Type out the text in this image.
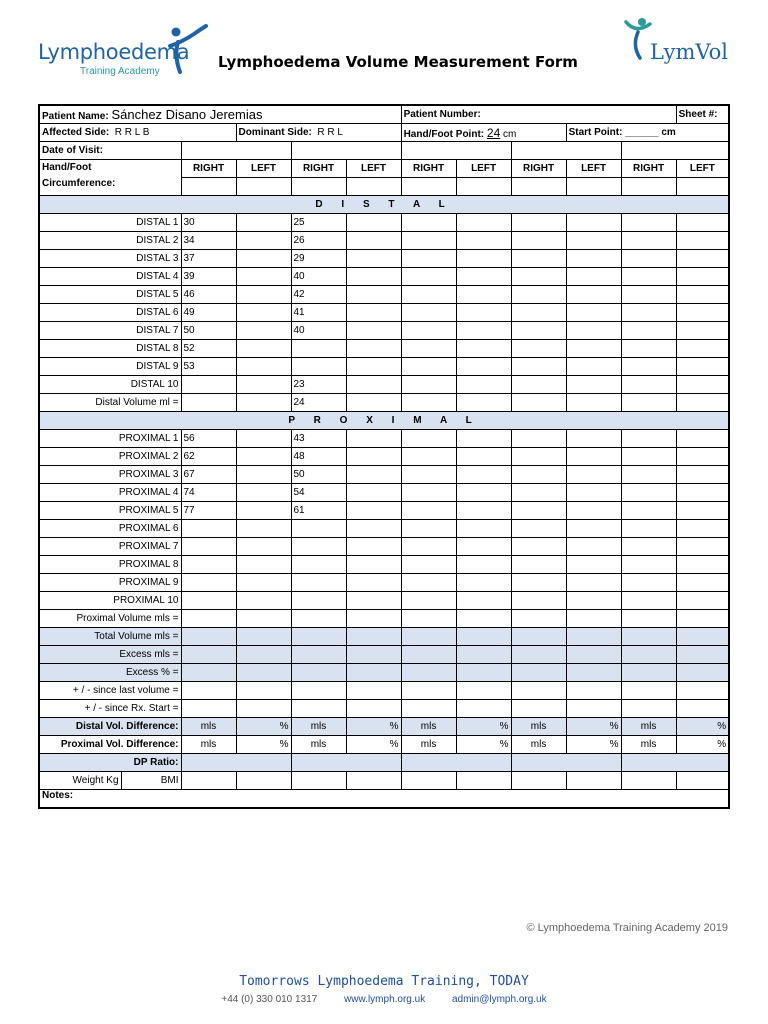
Lymphoedema
Training Academy
Lymphoedema Volume Measurement Form	LymVol
Patient Name: Sánchez Disano Jeremias						Patient Number:					Sheet #:
Affected Side: R R L B			Dominant Side: R R L			Hand/Foot Point: 24 cm			Start Point: ______ cm		
Date of Visit:											
Hand/Foot
Circumference:		RIGHT	LEFT	RIGHT	LEFT	RIGHT	LEFT	RIGHT	LEFT	RIGHT	LEFT

D I S T A L											
DISTAL 1		30		25							
DISTAL 2		34		26							
DISTAL 3		37		29							
DISTAL 4		39		40							
DISTAL 5		46		42							
DISTAL 6		49		41							
DISTAL 7		50		40							
DISTAL 8		52									
DISTAL 9		53									
DISTAL 10				23							
Distal Volume ml =				24							
P R O X I M A L											
PROXIMAL 1		56		43							
PROXIMAL 2		62		48							
PROXIMAL 3		67		50							
PROXIMAL 4		74		54							
PROXIMAL 5		77		61							
PROXIMAL 6											
PROXIMAL 7											
PROXIMAL 8											
PROXIMAL 9											
PROXIMAL 10											
Proximal Volume mls =											
Total Volume mls =											
Excess mls =											
Excess % =											
+ / - since last volume =											
+ / - since Rx. Start =											
Distal Vol. Difference:		mls	%	mls	%	mls	%	mls	%	mls	%
Proximal Vol. Difference:		mls	%	mls	%	mls	%	mls	%	mls	%
DP Ratio:											
Weight Kg	BMI										
Notes:											
© Lymphoedema Training Academy 2019
Tomorrows Lymphoedema Training, TODAY
+44 (0) 330 010 1317	www.lymph.org.uk	admin@lymph.org.uk
